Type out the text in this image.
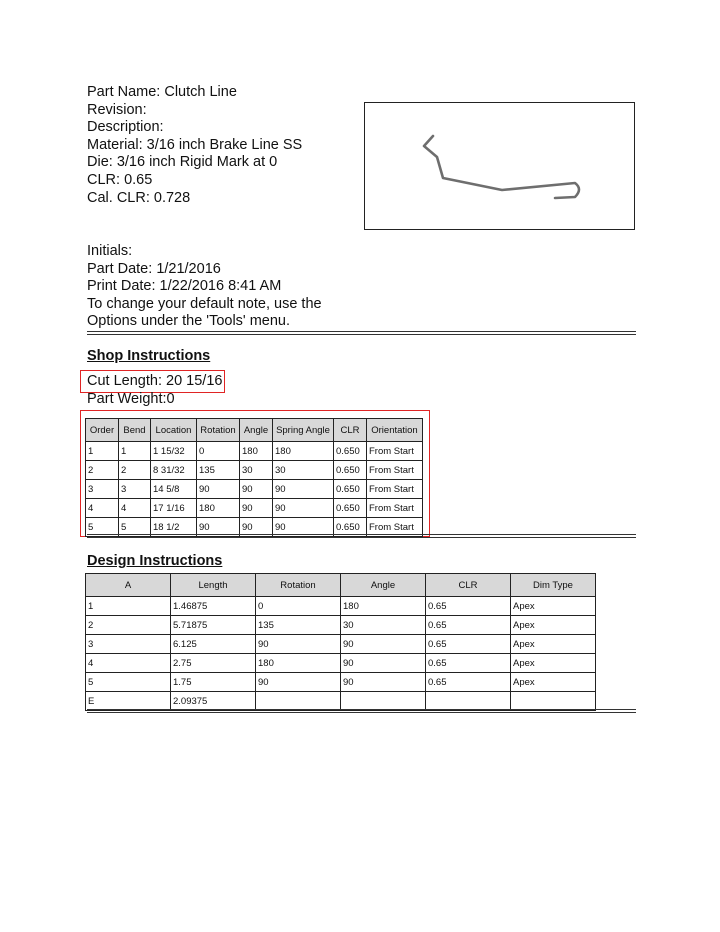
Part Name: Clutch Line
Revision:
Description:
Material: 3/16 inch Brake Line SS
Die: 3/16 inch Rigid Mark at 0
CLR: 0.65
Cal. CLR: 0.728
Initials:
Part Date: 1/21/2016
Print Date: 1/22/2016 8:41 AM
To change your default note, use the
Options under the 'Tools' menu.
Shop Instructions
Cut Length: 20 15/16
Part Weight:0
Order	Bend	Location	Rotation	Angle	Spring Angle	CLR	Orientation
1	1	1 15/32	0	180	180	0.650	From Start
2	2	8 31/32	135	30	30	0.650	From Start
3	3	14 5/8	90	90	90	0.650	From Start
4	4	17 1/16	180	90	90	0.650	From Start
5	5	18 1/2	90	90	90	0.650	From Start
Design Instructions
A	Length	Rotation	Angle	CLR	Dim Type
1	1.46875	0	180	0.65	Apex
2	5.71875	135	30	0.65	Apex
3	6.125	90	90	0.65	Apex
4	2.75	180	90	0.65	Apex
5	1.75	90	90	0.65	Apex
E	2.09375				
